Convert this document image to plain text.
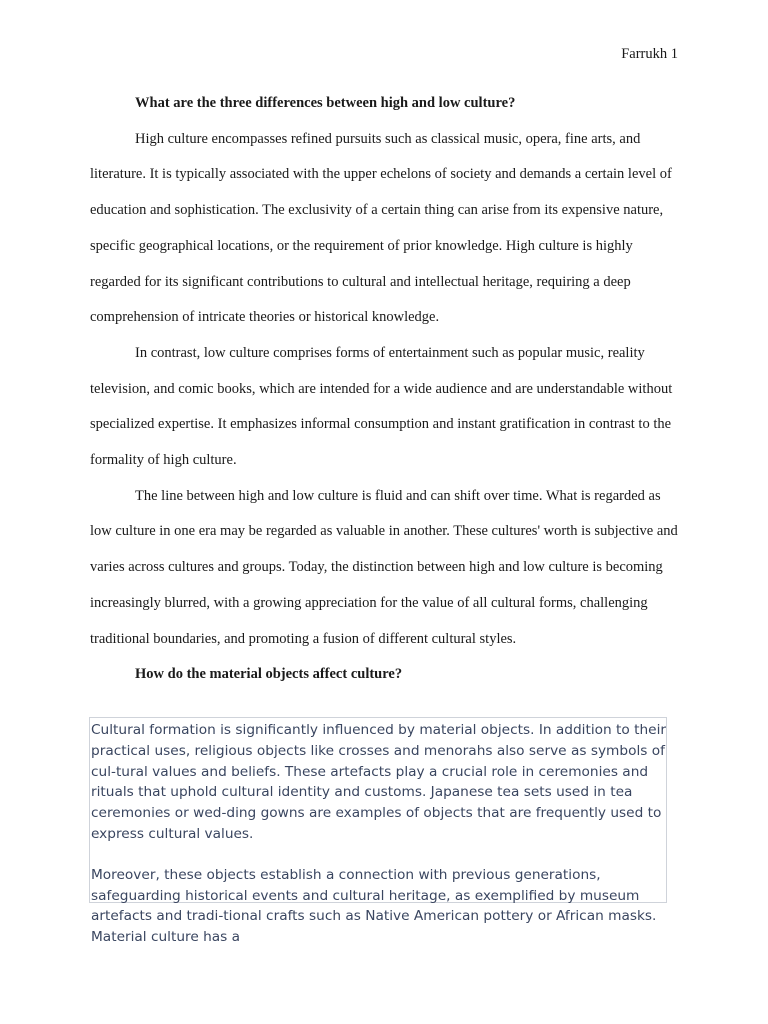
Farrukh 1

What are the three differences between high and low culture?

High culture encompasses refined pursuits such as classical music, opera, fine arts, and literature. It is typically associated with the upper echelons of society and demands a certain level of education and sophistication. The exclusivity of a certain thing can arise from its expensive nature, specific geographical locations, or the requirement of prior knowledge. High culture is highly regarded for its significant contributions to cultural and intellectual heritage, requiring a deep comprehension of intricate theories or historical knowledge.

In contrast, low culture comprises forms of entertainment such as popular music, reality television, and comic books, which are intended for a wide audience and are understandable without specialized expertise. It emphasizes informal consumption and instant gratification in contrast to the formality of high culture.

The line between high and low culture is fluid and can shift over time. What is regarded as low culture in one era may be regarded as valuable in another. These cultures' worth is subjective and varies across cultures and groups. Today, the distinction between high and low culture is becoming increasingly blurred, with a growing appreciation for the value of all cultural forms, challenging traditional boundaries, and promoting a fusion of different cultural styles.

How do the material objects affect culture?

Cultural formation is significantly influenced by material objects. In addition to their practical uses, religious objects like crosses and menorahs also serve as symbols of cul-tural values and beliefs. These artefacts play a crucial role in ceremonies and rituals that uphold cultural identity and customs. Japanese tea sets used in tea ceremonies or wed-ding gowns are examples of objects that are frequently used to express cultural values.

Moreover, these objects establish a connection with previous generations, safeguarding historical events and cultural heritage, as exemplified by museum artefacts and tradi-tional crafts such as Native American pottery or African masks. Material culture has a
